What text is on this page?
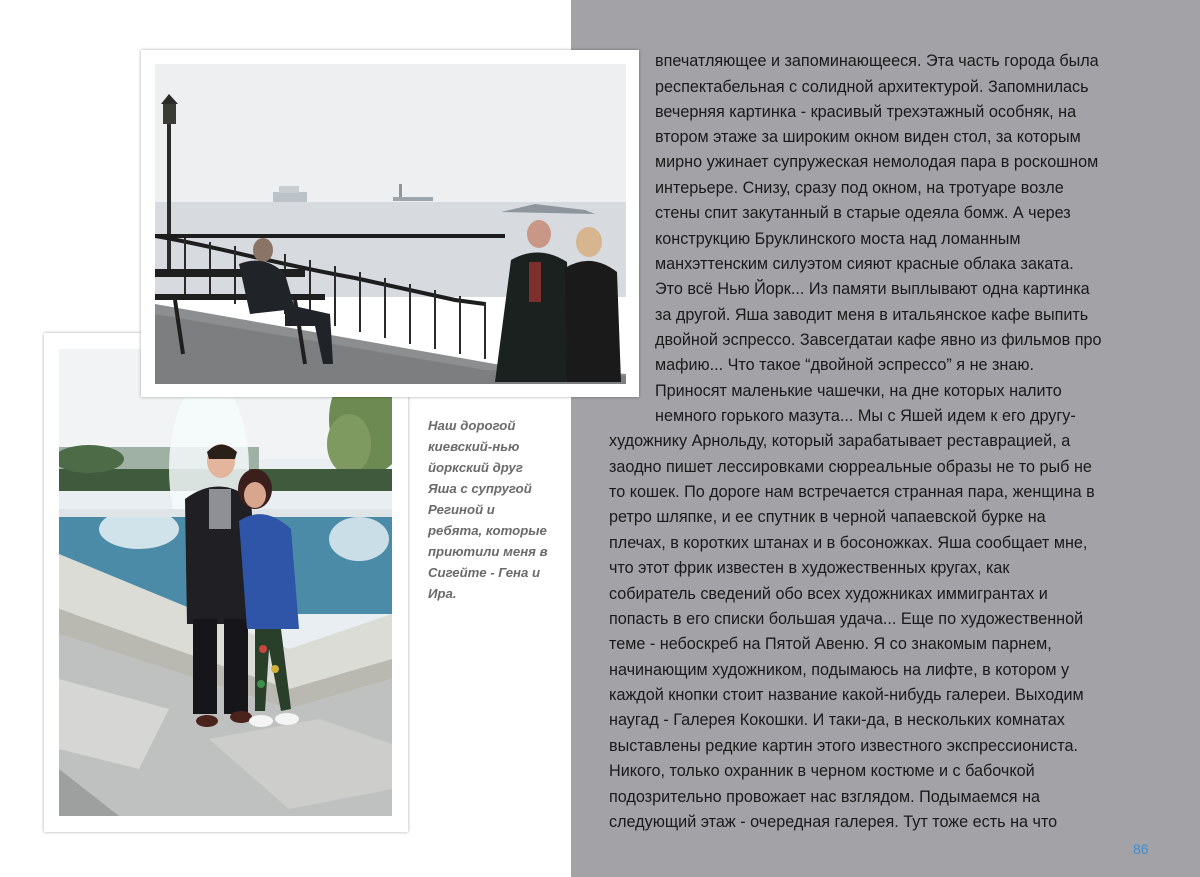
впечатляющее и запоминающееся. Эта часть города была

респектабельная с солидной архитектурой. Запомнилась

вечерняя картинка - красивый трехэтажный особняк, на

втором этаже за широким окном виден стол, за которым

мирно ужинает супружеская немолодая пара в роскошном

интерьере. Снизу, сразу под окном, на тротуаре возле

стены спит закутанный в старые одеяла бомж. А через

конструкцию Бруклинского моста над ломанным

манхэттенским силуэтом сияют красные облака заката.

Это всё Нью Йорк... Из памяти выплывают одна картинка

за другой. Яша заводит меня в итальянское кафе выпить

двойной эспрессо. Завсегдатаи кафе явно из фильмов про

мафию... Что такое “двойной эспрессо” я не знаю.

Приносят маленькие чашечки, на дне которых налито

немного горького мазута... Мы с Яшей идем к его другу-

художнику Арнольду, который зарабатывает реставрацией, а

заодно пишет лессировками сюрреальные образы не то рыб не

то кошек. По дороге нам встречается странная пара, женщина в

ретро шляпке, и ее спутник в черной чапаевской бурке на

плечах, в коротких штанах и в босоножках. Яша сообщает мне,

что этот фрик известен в художественных кругах, как

собиратель сведений обо всех художниках иммигрантах и

попасть в его списки большая удача... Еще по художественной

теме - небоскреб на Пятой Авеню. Я со знакомым парнем,

начинающим художником, подымаюсь на лифте, в котором у

каждой кнопки стоит название какой-нибудь галереи. Выходим

наугад - Галерея Кокошки. И таки-да, в нескольких комнатах

выставлены редкие картин этого известного экспрессиониста.

Никого, только охранник в черном костюме и с бабочкой

подозрительно провожает нас взглядом. Подымаемся на

следующий этаж - очередная галерея. Тут тоже есть на что

Наш дорогой
киевский-нью
йоркский друг
Яша с супругой
Региной и
ребята, которые
приютили меня в
Сигейте - Гена и
Ира.
86
